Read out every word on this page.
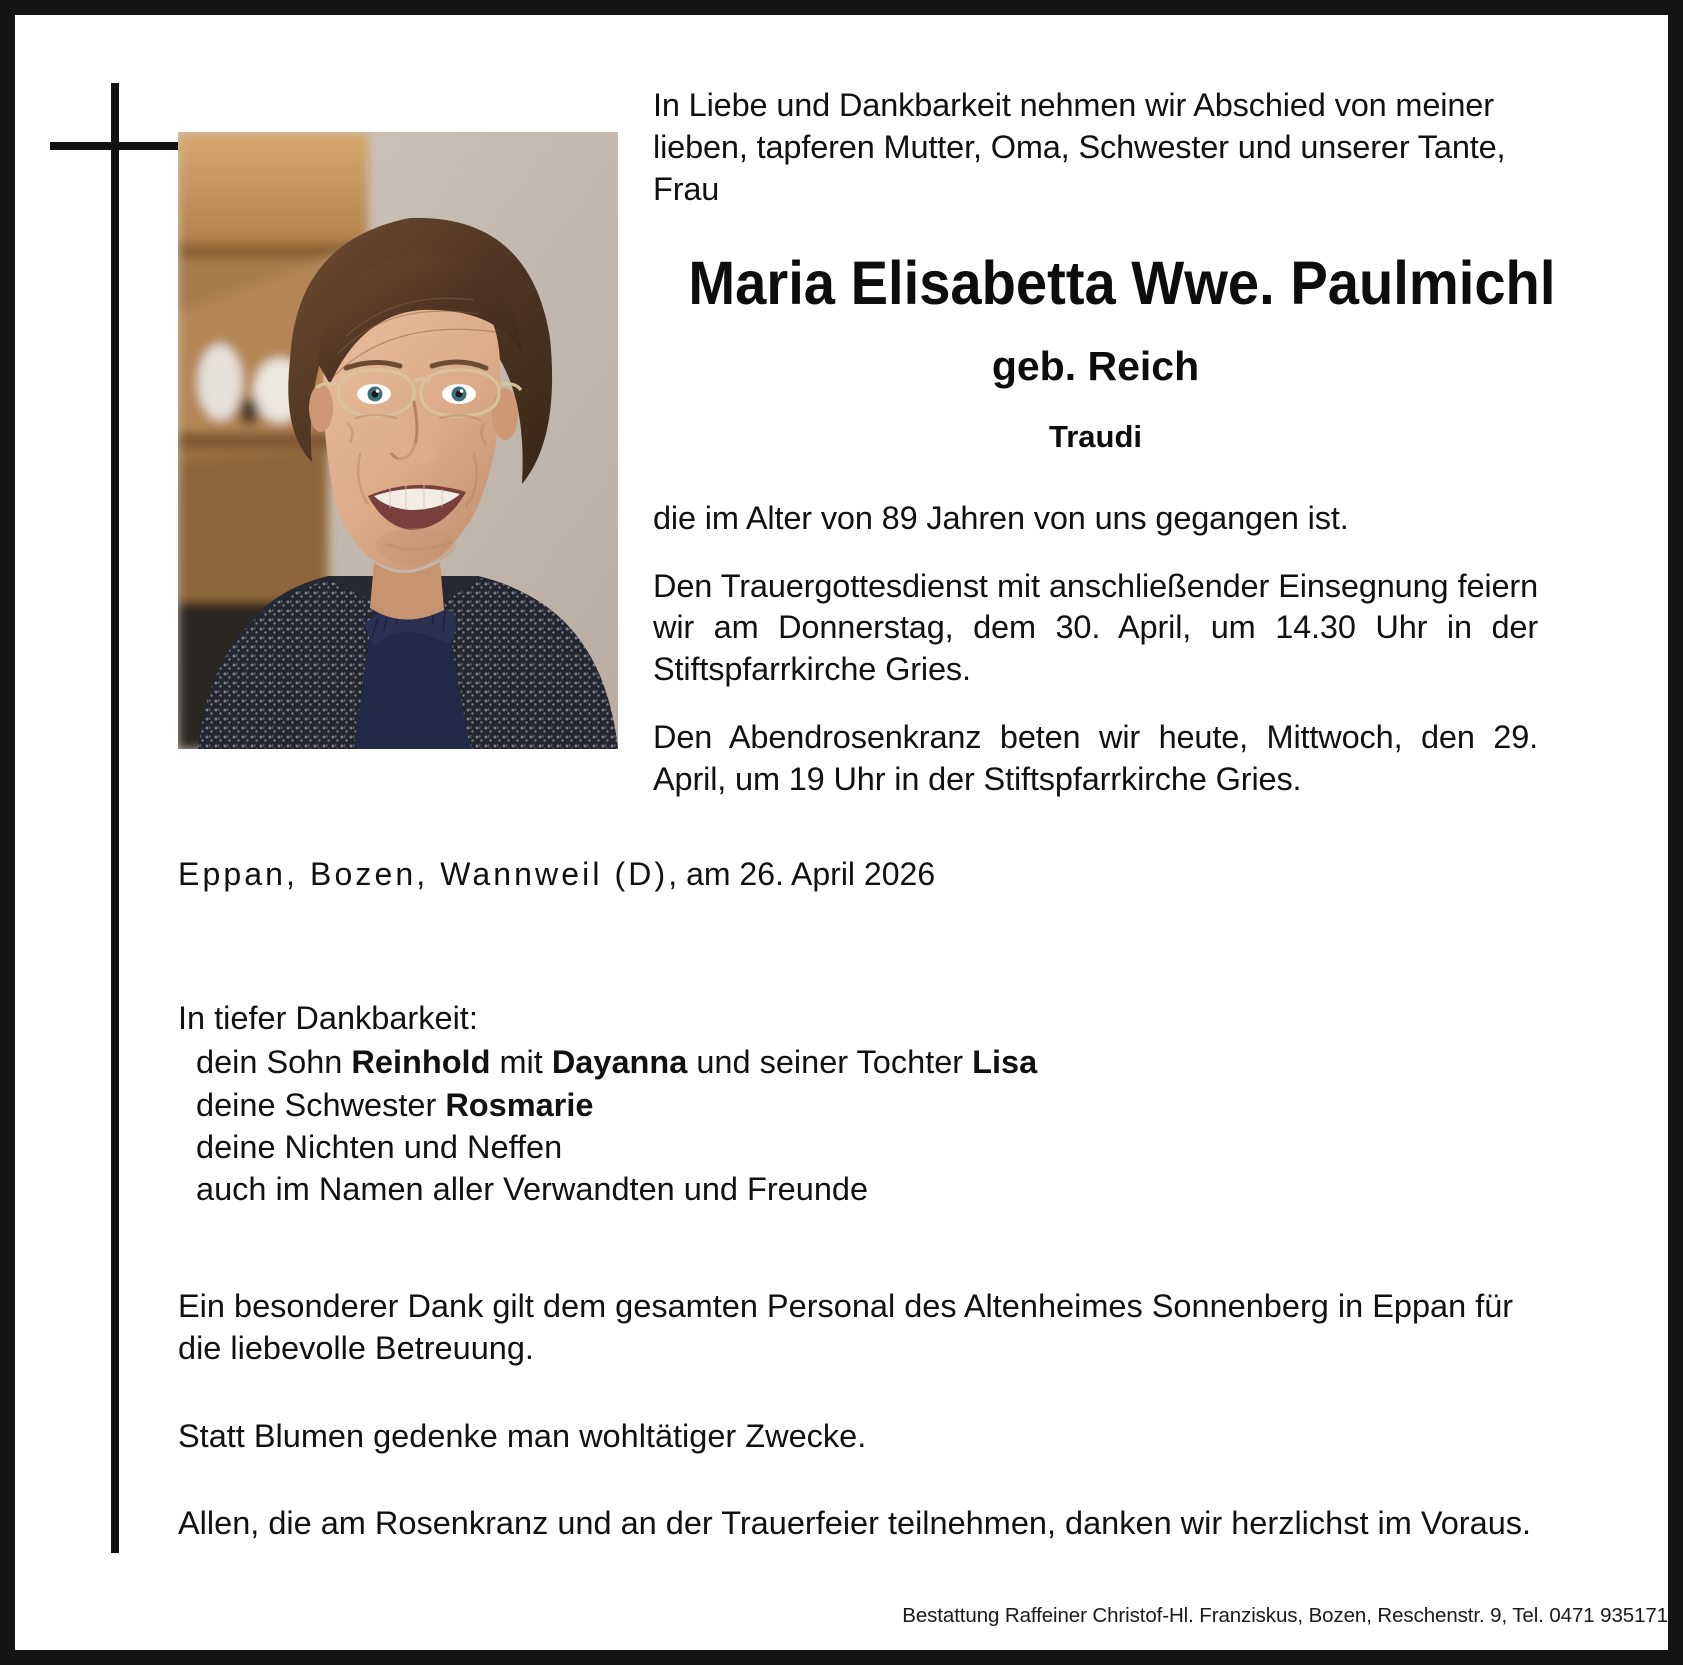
In Liebe und Dankbarkeit nehmen wir Abschied von meiner lieben, tapferen Mutter, Oma, Schwester und unserer Tante, Frau
Maria Elisabetta Wwe. Paulmichl
geb. Reich
Traudi
die im Alter von 89 Jahren von uns gegangen ist.
Den Trauergottesdienst mit anschließender Einsegnung feiern wir am Donnerstag, dem 30. April, um 14.30 Uhr in der Stiftspfarrkirche Gries.
Den Abendrosenkranz beten wir heute, Mittwoch, den 29. April, um 19 Uhr in der Stiftspfarrkirche Gries.
Eppan, Bozen, Wannweil (D), am 26. April 2026
In tiefer Dankbarkeit:
dein Sohn Reinhold mit Dayanna und seiner Tochter Lisa
deine Schwester Rosmarie
deine Nichten und Neffen
auch im Namen aller Verwandten und Freunde
Ein besonderer Dank gilt dem gesamten Personal des Altenheimes Sonnenberg in Eppan für die liebevolle Betreuung.
Statt Blumen gedenke man wohltätiger Zwecke.
Allen, die am Rosenkranz und an der Trauerfeier teilnehmen, danken wir herzlichst im Voraus.
Bestattung Raffeiner Christof-Hl. Franziskus, Bozen, Reschenstr. 9, Tel. 0471 935171
